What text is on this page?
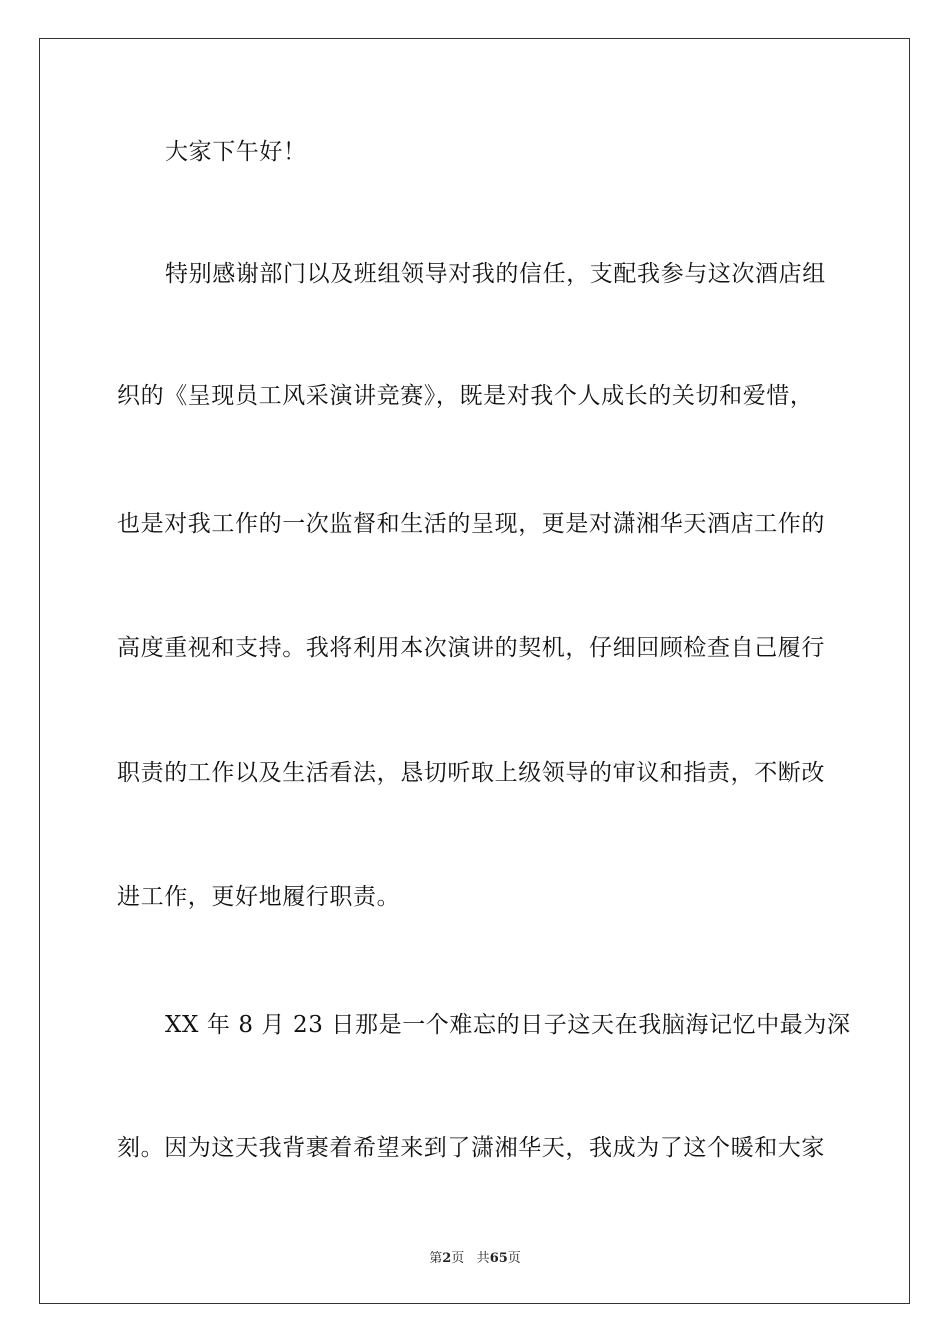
大家下午好！
特别感谢部门以及班组领导对我的信任，支配我参与这次酒店组
织的《呈现员工风采演讲竞赛》，既是对我个人成长的关切和爱惜，
也是对我工作的一次监督和生活的呈现，更是对潇湘华天酒店工作的
高度重视和支持。我将利用本次演讲的契机，仔细回顾检查自己履行
职责的工作以及生活看法，恳切听取上级领导的审议和指责，不断改
进工作，更好地履行职责。
XX 年 8 月 23 日那是一个难忘的日子这天在我脑海记忆中最为深
刻。因为这天我背裹着希望来到了潇湘华天，我成为了这个暖和大家
第2页 共65页
